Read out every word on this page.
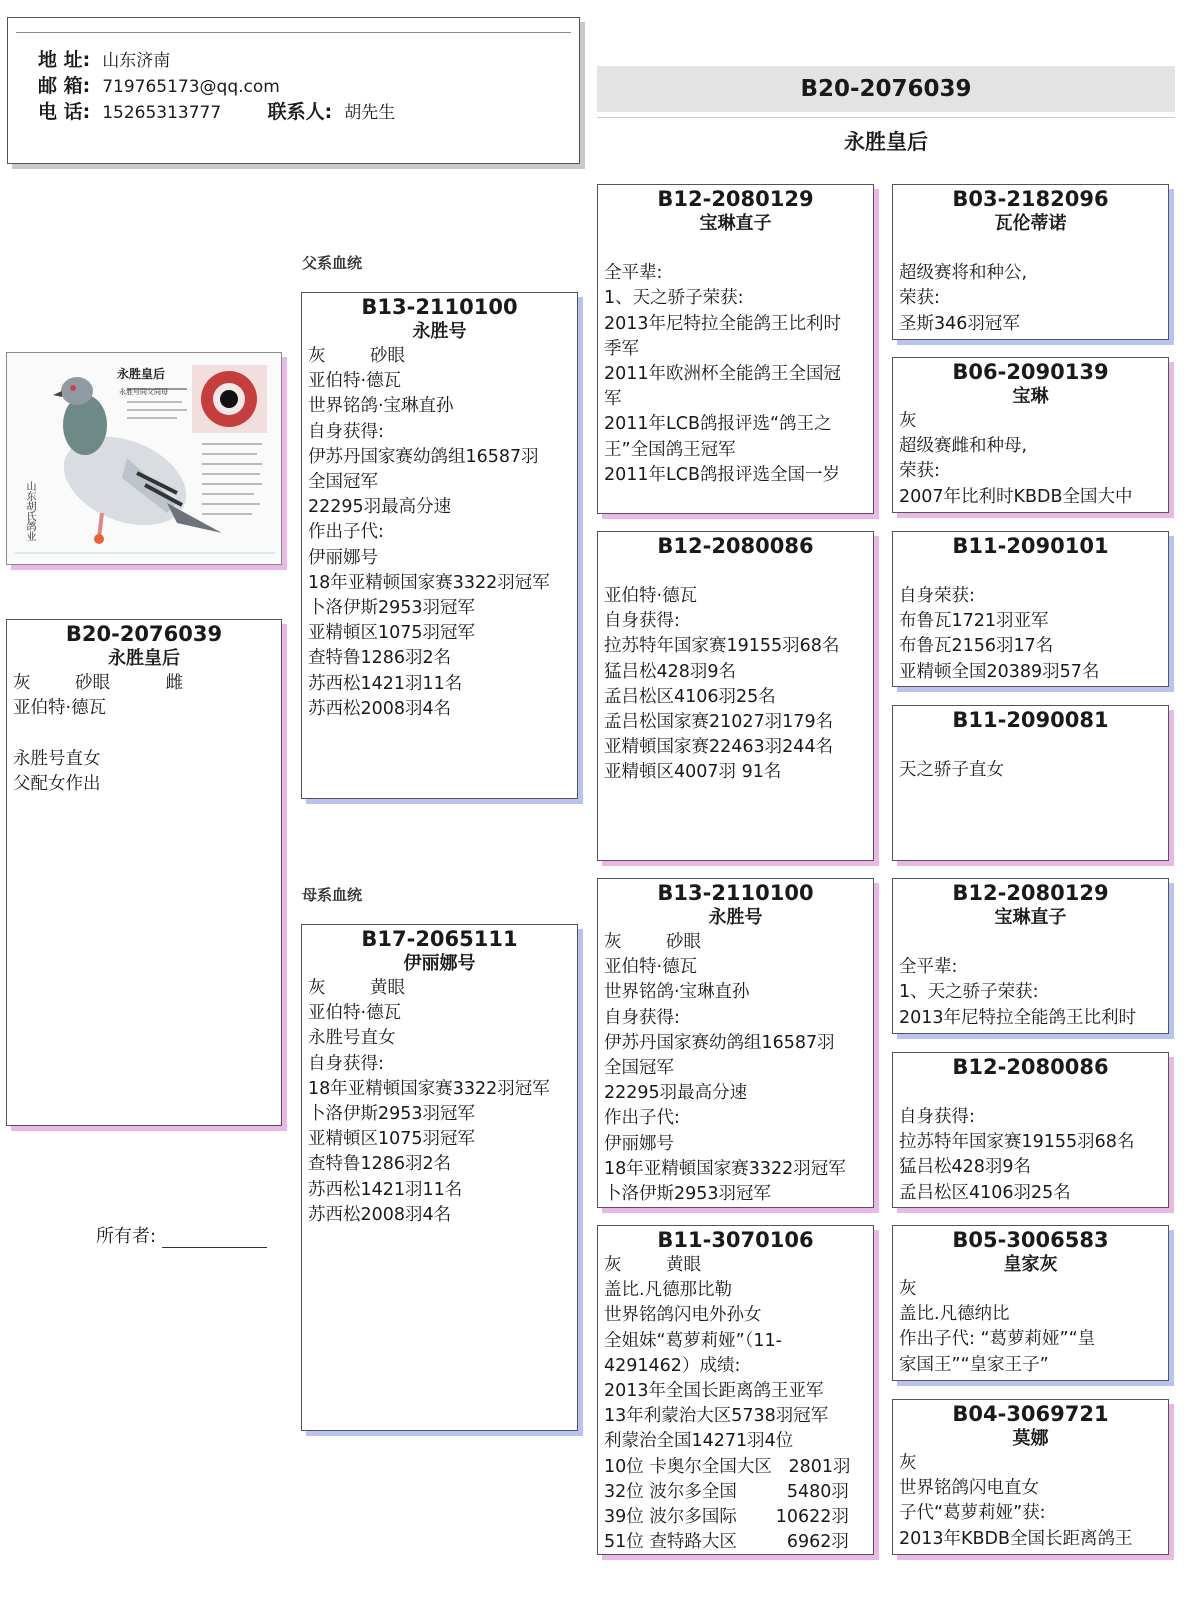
地 址: 山东济南
邮 箱: 719765173@qq.com
电 话: 15265313777 联系人: 胡先生
B20-2076039
永胜皇后
父系血统
母系血统
永胜皇后
永胜号同父同母
山东胡氏鸽业
B20-2076039
永胜皇后
灰        砂眼          雌
亚伯特·德瓦

永胜号直女
父配女作出
所有者:
B13-2110100
永胜号
灰        砂眼
亚伯特·德瓦
世界铭鸽·宝琳直孙
自身获得:
伊苏丹国家赛幼鸽组16587羽
全国冠军
22295羽最高分速
作出子代:
伊丽娜号
18年亚精顿国家赛3322羽冠军
卜洛伊斯2953羽冠军
亚精頓区1075羽冠军
查特鲁1286羽2名
苏西松1421羽11名
苏西松2008羽4名
B17-2065111
伊丽娜号
灰        黄眼
亚伯特·德瓦
永胜号直女
自身获得:
18年亚精頓国家赛3322羽冠军
卜洛伊斯2953羽冠军
亚精頓区1075羽冠军
查特鲁1286羽2名
苏西松1421羽11名
苏西松2008羽4名
B12-2080129
宝琳直子

全平辈:
1、天之骄子荣获:
2013年尼特拉全能鸽王比利时
季军
2011年欧洲杯全能鸽王全国冠
军
2011年LCB鸽报评选“鸽王之
王”全国鸽王冠军
2011年LCB鸽报评选全国一岁
B12-2080086
亚伯特·德瓦
自身获得:
拉苏特年国家赛19155羽68名
猛吕松428羽9名
孟吕松区4106羽25名
孟吕松国家赛21027羽179名
亚精頓国家赛22463羽244名
亚精頓区4007羽 91名
B13-2110100
永胜号
灰        砂眼
亚伯特·德瓦
世界铭鸽·宝琳直孙
自身获得:
伊苏丹国家赛幼鸽组16587羽
全国冠军
22295羽最高分速
作出子代:
伊丽娜号
18年亚精頓国家赛3322羽冠军
卜洛伊斯2953羽冠军
B11-3070106
灰        黄眼
盖比.凡德那比勒
世界铭鸽闪电外孙女
全姐妹“葛萝莉娅”（11-
4291462）成绩:
2013年全国长距离鸽王亚军
13年利蒙治大区5738羽冠军
利蒙治全国14271羽4位
10位 卡奥尔全国大区   2801羽
32位 波尔多全国         5480羽
39位 波尔多国际       10622羽
51位 查特路大区         6962羽
B03-2182096
瓦伦蒂诺

超级赛将和种公,
荣获:
圣斯346羽冠军
B06-2090139
宝琳
灰
超级赛雌和种母,
荣获:
2007年比利时KBDB全国大中
B11-2090101
自身荣获:
布鲁瓦1721羽亚军
布鲁瓦2156羽17名
亚精顿全国20389羽57名
B11-2090081
天之骄子直女
B12-2080129
宝琳直子

全平辈:
1、天之骄子荣获:
2013年尼特拉全能鸽王比利时
B12-2080086
自身获得:
拉苏特年国家赛19155羽68名
猛吕松428羽9名
孟吕松区4106羽25名
B05-3006583
皇家灰
灰
盖比.凡德纳比
作出子代: “葛萝莉娅”“皇
家国王”“皇家王子”
B04-3069721
莫娜
灰
世界铭鸽闪电直女
子代“葛萝莉娅”获:
2013年KBDB全国长距离鸽王
